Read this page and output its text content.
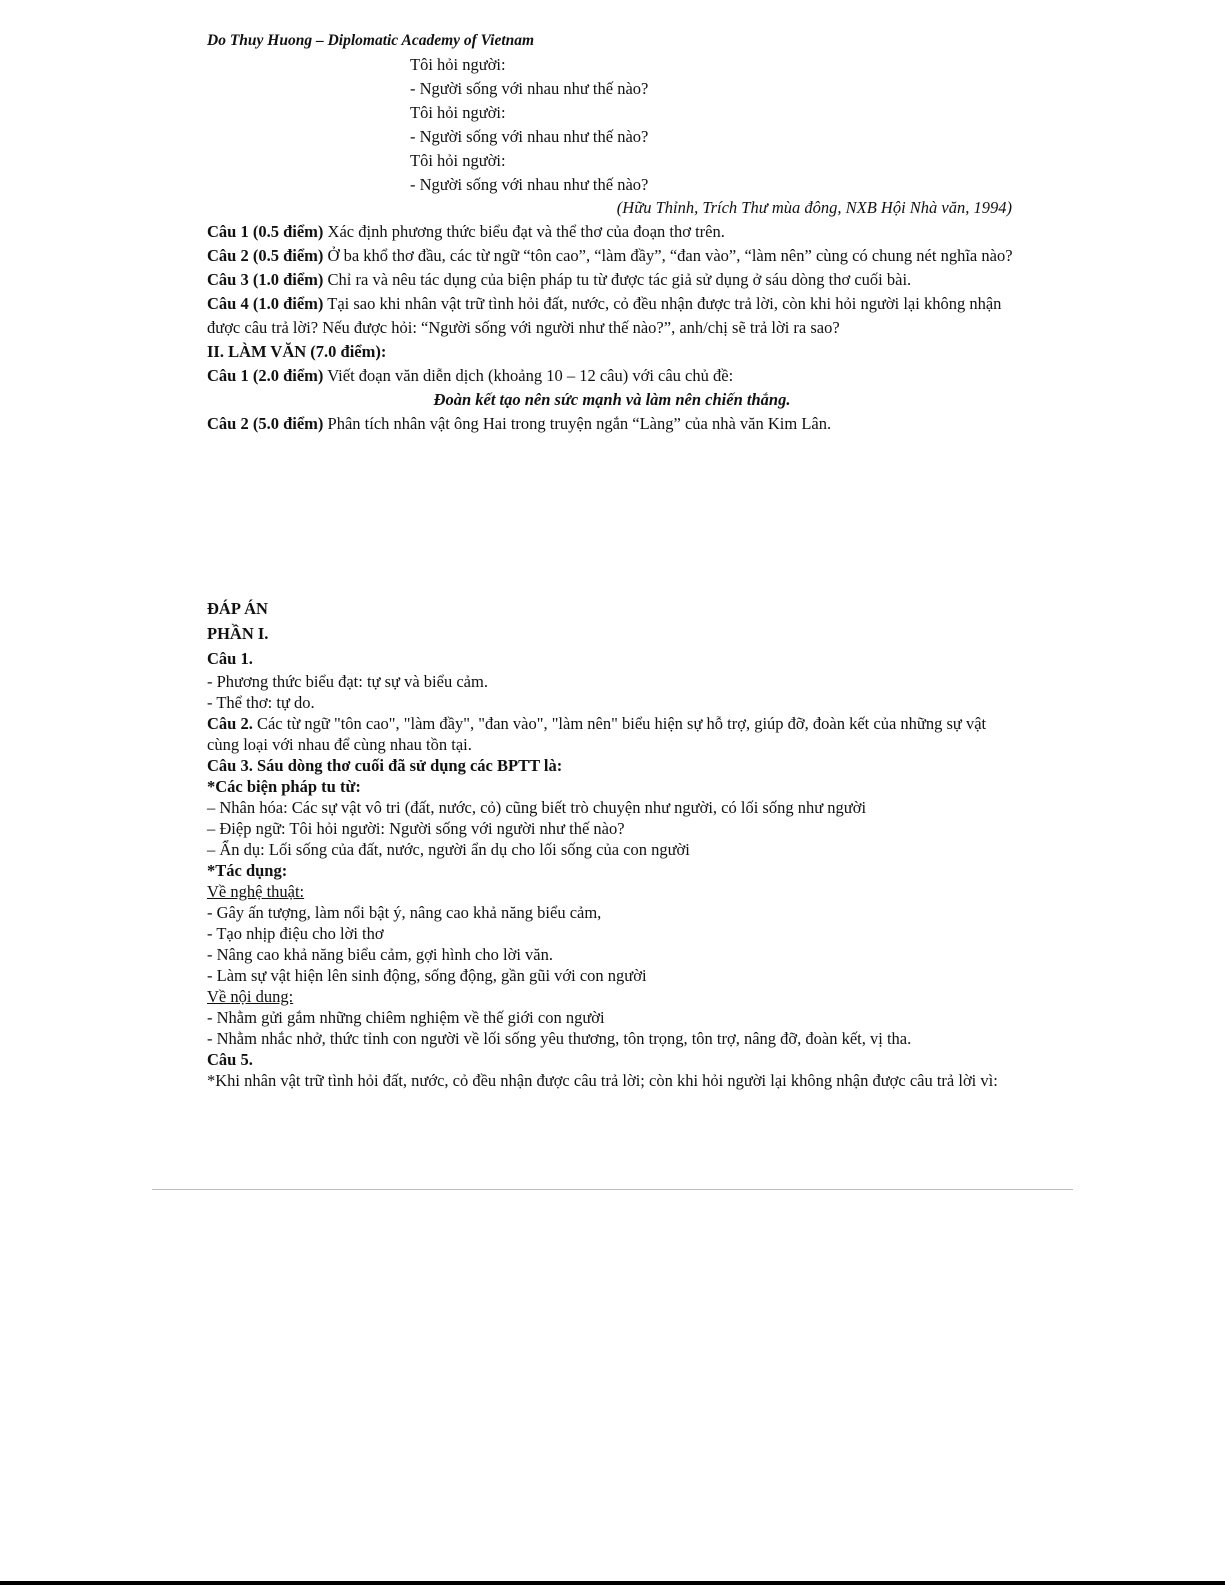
Do Thuy Huong – Diplomatic Academy of Vietnam
Tôi hỏi người:
- Người sống với nhau như thế nào?
Tôi hỏi người:
- Người sống với nhau như thế nào?
Tôi hỏi người:
- Người sống với nhau như thế nào?
(Hữu Thỉnh, Trích Thư mùa đông, NXB Hội Nhà văn, 1994)

Câu 1 (0.5 điểm) Xác định phương thức biểu đạt và thể thơ của đoạn thơ trên.

Câu 2 (0.5 điểm) Ở ba khổ thơ đầu, các từ ngữ “tôn cao”, “làm đầy”, “đan vào”, “làm nên” cùng có chung nét nghĩa nào?

Câu 3 (1.0 điểm) Chỉ ra và nêu tác dụng của biện pháp tu từ được tác giả sử dụng ở sáu dòng thơ cuối bài.

Câu 4 (1.0 điểm) Tại sao khi nhân vật trữ tình hỏi đất, nước, cỏ đều nhận được trả lời, còn khi hỏi người lại không nhận được câu trả lời? Nếu được hỏi: “Người sống với người như thế nào?”, anh/chị sẽ trả lời ra sao?

II. LÀM VĂN (7.0 điểm):

Câu 1 (2.0 điểm) Viết đoạn văn diễn dịch (khoảng 10 – 12 câu) với câu chủ đề:

Đoàn kết tạo nên sức mạnh và làm nên chiến thắng.

Câu 2 (5.0 điểm) Phân tích nhân vật ông Hai trong truyện ngắn “Làng” của nhà văn Kim Lân.

ĐÁP ÁN

PHẦN I.

Câu 1.

- Phương thức biểu đạt: tự sự và biểu cảm.

- Thể thơ: tự do.

Câu 2. Các từ ngữ "tôn cao", "làm đầy", "đan vào", "làm nên" biểu hiện sự hỗ trợ, giúp đỡ, đoàn kết của những sự vật cùng loại với nhau để cùng nhau tồn tại.

Câu 3. Sáu dòng thơ cuối đã sử dụng các BPTT là:

*Các biện pháp tu từ:

– Nhân hóa: Các sự vật vô tri (đất, nước, cỏ) cũng biết trò chuyện như người, có lối sống như người

– Điệp ngữ: Tôi hỏi người: Người sống với người như thế nào?

– Ẩn dụ: Lối sống của đất, nước, người ẩn dụ cho lối sống của con người

*Tác dụng:

Về nghệ thuật:

- Gây ấn tượng, làm nổi bật ý, nâng cao khả năng biểu cảm,

- Tạo nhịp điệu cho lời thơ

- Nâng cao khả năng biểu cảm, gợi hình cho lời văn.

- Làm sự vật hiện lên sinh động, sống động, gần gũi với con người

Về nội dung:

- Nhằm gửi gắm những chiêm nghiệm về thế giới con người

- Nhằm nhắc nhở, thức tỉnh con người về lối sống yêu thương, tôn trọng, tôn trợ, nâng đỡ, đoàn kết, vị tha.

Câu 5.

*Khi nhân vật trữ tình hỏi đất, nước, cỏ đều nhận được câu trả lời; còn khi hỏi người lại không nhận được câu trả lời vì:
